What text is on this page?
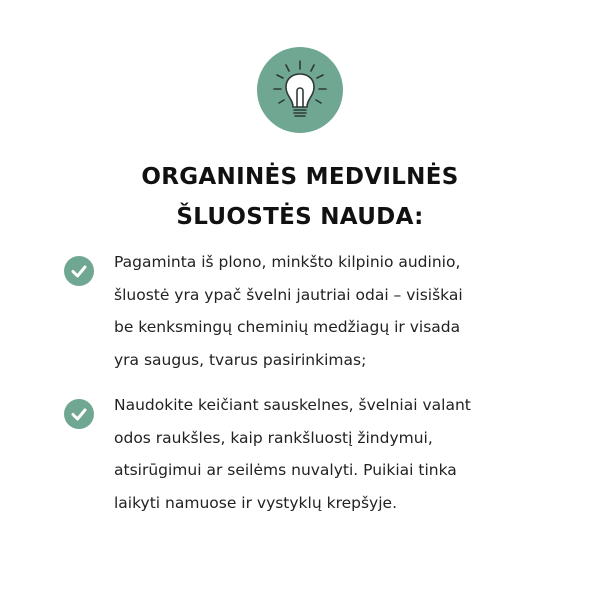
ORGANINĖS MEDVILNĖS
ŠLUOSTĖS NAUDA:
Pagaminta iš plono, minkšto kilpinio audinio,
šluostė yra ypač švelni jautriai odai – visiškai
be kenksmingų cheminių medžiagų ir visada
yra saugus, tvarus pasirinkimas;
Naudokite keičiant sauskelnes, švelniai valant
odos raukšles, kaip rankšluostį žindymui,
atsirūgimui ar seilėms nuvalyti. Puikiai tinka
laikyti namuose ir vystyklų krepšyje.
